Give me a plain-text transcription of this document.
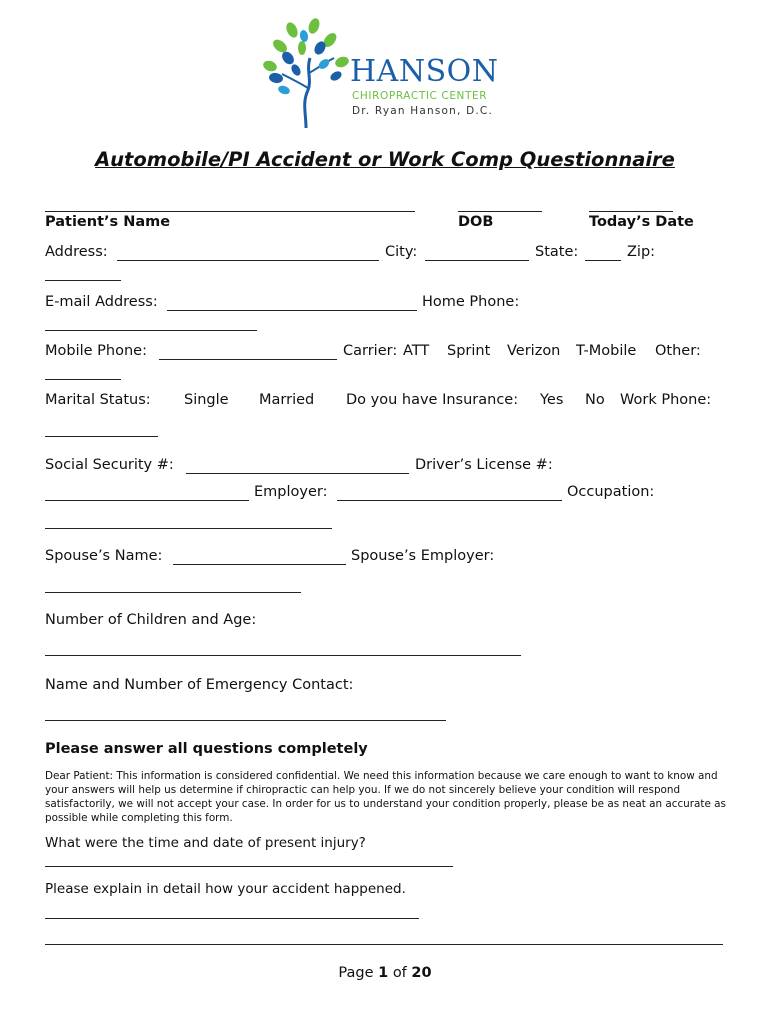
HANSON
CHIROPRACTIC CENTER
Dr. Ryan Hanson, D.C.
Automobile/PI Accident or Work Comp Questionnaire
Patient’s Name	DOB	Today’s Date
Address:	City:	State:	Zip:
E-mail Address:	Home Phone:
Mobile Phone:	Carrier: ATT Sprint Verizon T-Mobile Other:
Marital Status: Single Married Do you have Insurance: Yes No Work Phone:
Social Security #:	Driver’s License #:
Employer:	Occupation:
Spouse’s Name:	Spouse’s Employer:
Number of Children and Age:
Name and Number of Emergency Contact:
Please answer all questions completely
Dear Patient: This information is considered confidential. We need this information because we care enough to want to know and your answers will help us determine if chiropractic can help you. If we do not sincerely believe your condition will respond satisfactorily, we will not accept your case. In order for us to understand your condition properly, please be as neat an accurate as possible while completing this form.
What were the time and date of present injury?
Please explain in detail how your accident happened.
Page 1 of 20
